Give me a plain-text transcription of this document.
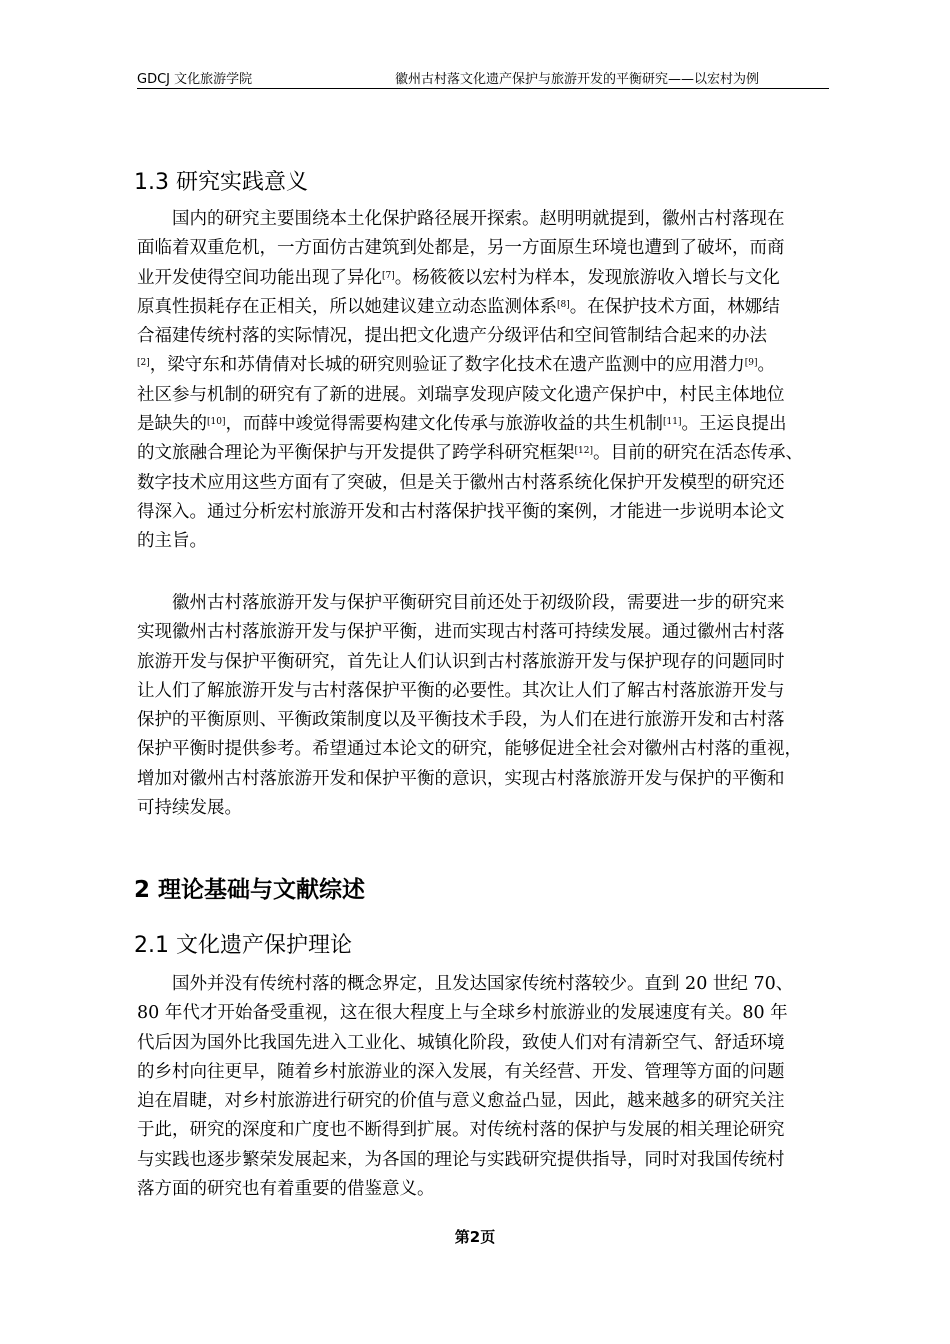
GDCJ 文化旅游学院	徽州古村落文化遗产保护与旅游开发的平衡研究——以宏村为例
1.3 研究实践意义
国内的研究主要围绕本土化保护路径展开探索。赵明明就提到，徽州古村落现在
面临着双重危机，一方面仿古建筑到处都是，另一方面原生环境也遭到了破坏，而商
业开发使得空间功能出现了异化[7]。杨筱筱以宏村为样本，发现旅游收入增长与文化
原真性损耗存在正相关，所以她建议建立动态监测体系[8]。在保护技术方面，林娜结
合福建传统村落的实际情况，提出把文化遗产分级评估和空间管制结合起来的办法
[2]，梁守东和苏倩倩对长城的研究则验证了数字化技术在遗产监测中的应用潜力[9]。
社区参与机制的研究有了新的进展。刘瑞享发现庐陵文化遗产保护中，村民主体地位
是缺失的[10]，而薛中竣觉得需要构建文化传承与旅游收益的共生机制[11]。王运良提出
的文旅融合理论为平衡保护与开发提供了跨学科研究框架[12]。目前的研究在活态传承、
数字技术应用这些方面有了突破，但是关于徽州古村落系统化保护开发模型的研究还
得深入。通过分析宏村旅游开发和古村落保护找平衡的案例，才能进一步说明本论文
的主旨。
徽州古村落旅游开发与保护平衡研究目前还处于初级阶段，需要进一步的研究来
实现徽州古村落旅游开发与保护平衡，进而实现古村落可持续发展。通过徽州古村落
旅游开发与保护平衡研究，首先让人们认识到古村落旅游开发与保护现存的问题同时
让人们了解旅游开发与古村落保护平衡的必要性。其次让人们了解古村落旅游开发与
保护的平衡原则、平衡政策制度以及平衡技术手段，为人们在进行旅游开发和古村落
保护平衡时提供参考。希望通过本论文的研究，能够促进全社会对徽州古村落的重视，
增加对徽州古村落旅游开发和保护平衡的意识，实现古村落旅游开发与保护的平衡和
可持续发展。
2 理论基础与文献综述
2.1 文化遗产保护理论
国外并没有传统村落的概念界定，且发达国家传统村落较少。直到 20 世纪 70、
80 年代才开始备受重视，这在很大程度上与全球乡村旅游业的发展速度有关。80 年
代后因为国外比我国先进入工业化、城镇化阶段，致使人们对有清新空气、舒适环境
的乡村向往更早，随着乡村旅游业的深入发展，有关经营、开发、管理等方面的问题
迫在眉睫，对乡村旅游进行研究的价值与意义愈益凸显，因此，越来越多的研究关注
于此，研究的深度和广度也不断得到扩展。对传统村落的保护与发展的相关理论研究
与实践也逐步繁荣发展起来，为各国的理论与实践研究提供指导，同时对我国传统村
落方面的研究也有着重要的借鉴意义。
第2页
